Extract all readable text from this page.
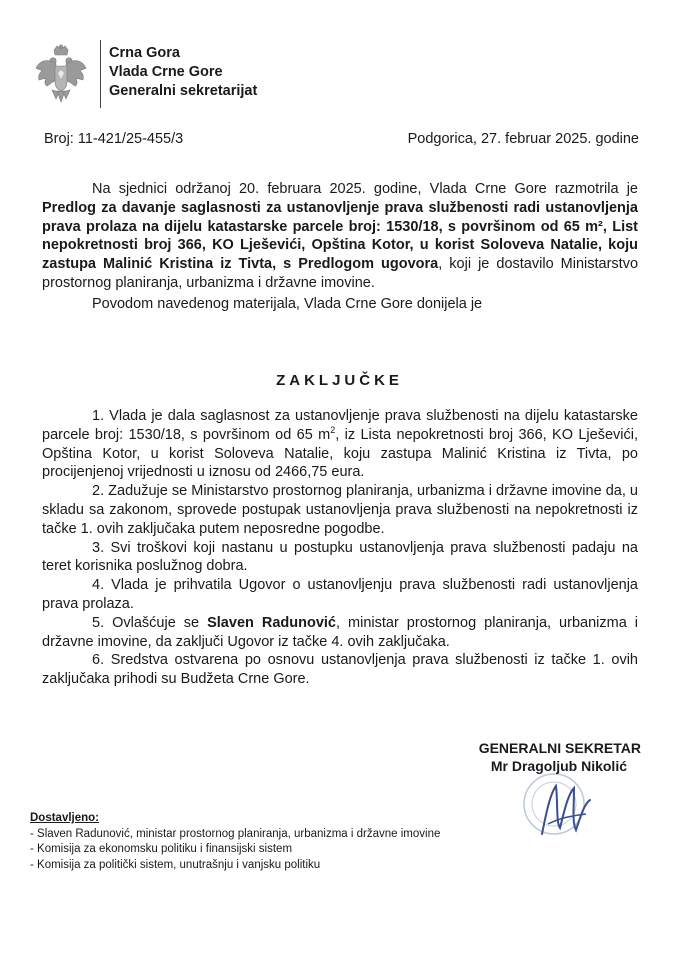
Crna Gora
Vlada Crne Gore
Generalni sekretarijat
Broj: 11-421/25-455/3	Podgorica, 27. februar 2025. godine

Na sjednici održanoj 20. februara 2025. godine, Vlada Crne Gore razmotrila je Predlog za davanje saglasnosti za ustanovljenje prava službenosti radi ustanovljenja prava prolaza na dijelu katastarske parcele broj: 1530/18, s površinom od 65 m², List nepokretnosti broj 366, KO Lješevići, Opština Kotor, u korist Soloveva Natalie, koju zastupa Malinić Kristina iz Tivta, s Predlogom ugovora, koji je dostavilo Ministarstvo prostornog planiranja, urbanizma i državne imovine.

Povodom navedenog materijala, Vlada Crne Gore donijela je

ZAKLJUČKE

1. Vlada je dala saglasnost za ustanovljenje prava službenosti na dijelu katastarske parcele broj: 1530/18, s površinom od 65 $m^2$, iz Lista nepokretnosti broj 366, KO Lješevići, Opština Kotor, u korist Soloveva Natalie, koju zastupa Malinić Kristina iz Tivta, po procijenjenoj vrijednosti u iznosu od 2466,75 eura.

2. Zadužuje se Ministarstvo prostornog planiranja, urbanizma i državne imovine da, u skladu sa zakonom, sprovede postupak ustanovljenja prava službenosti na nepokretnosti iz tačke 1. ovih zaključaka putem neposredne pogodbe.

3. Svi troškovi koji nastanu u postupku ustanovljenja prava službenosti padaju na teret korisnika poslužnog dobra.

4. Vlada je prihvatila Ugovor o ustanovljenju prava službenosti radi ustanovljenja prava prolaza.

5. Ovlašćuje se Slaven Radunović, ministar prostornog planiranja, urbanizma i državne imovine, da zaključi Ugovor iz tačke 4. ovih zaključaka.

6. Sredstva ostvarena po osnovu ustanovljenja prava službenosti iz tačke 1. ovih zaključaka prihodi su Budžeta Crne Gore.

GENERALNI SEKRETAR
Mr Dragoljub Nikolić
Dostavljeno:
- Slaven Radunović, ministar prostornog planiranja, urbanizma i državne imovine
- Komisija za ekonomsku politiku i finansijski sistem
- Komisija za politički sistem, unutrašnju i vanjsku politiku
